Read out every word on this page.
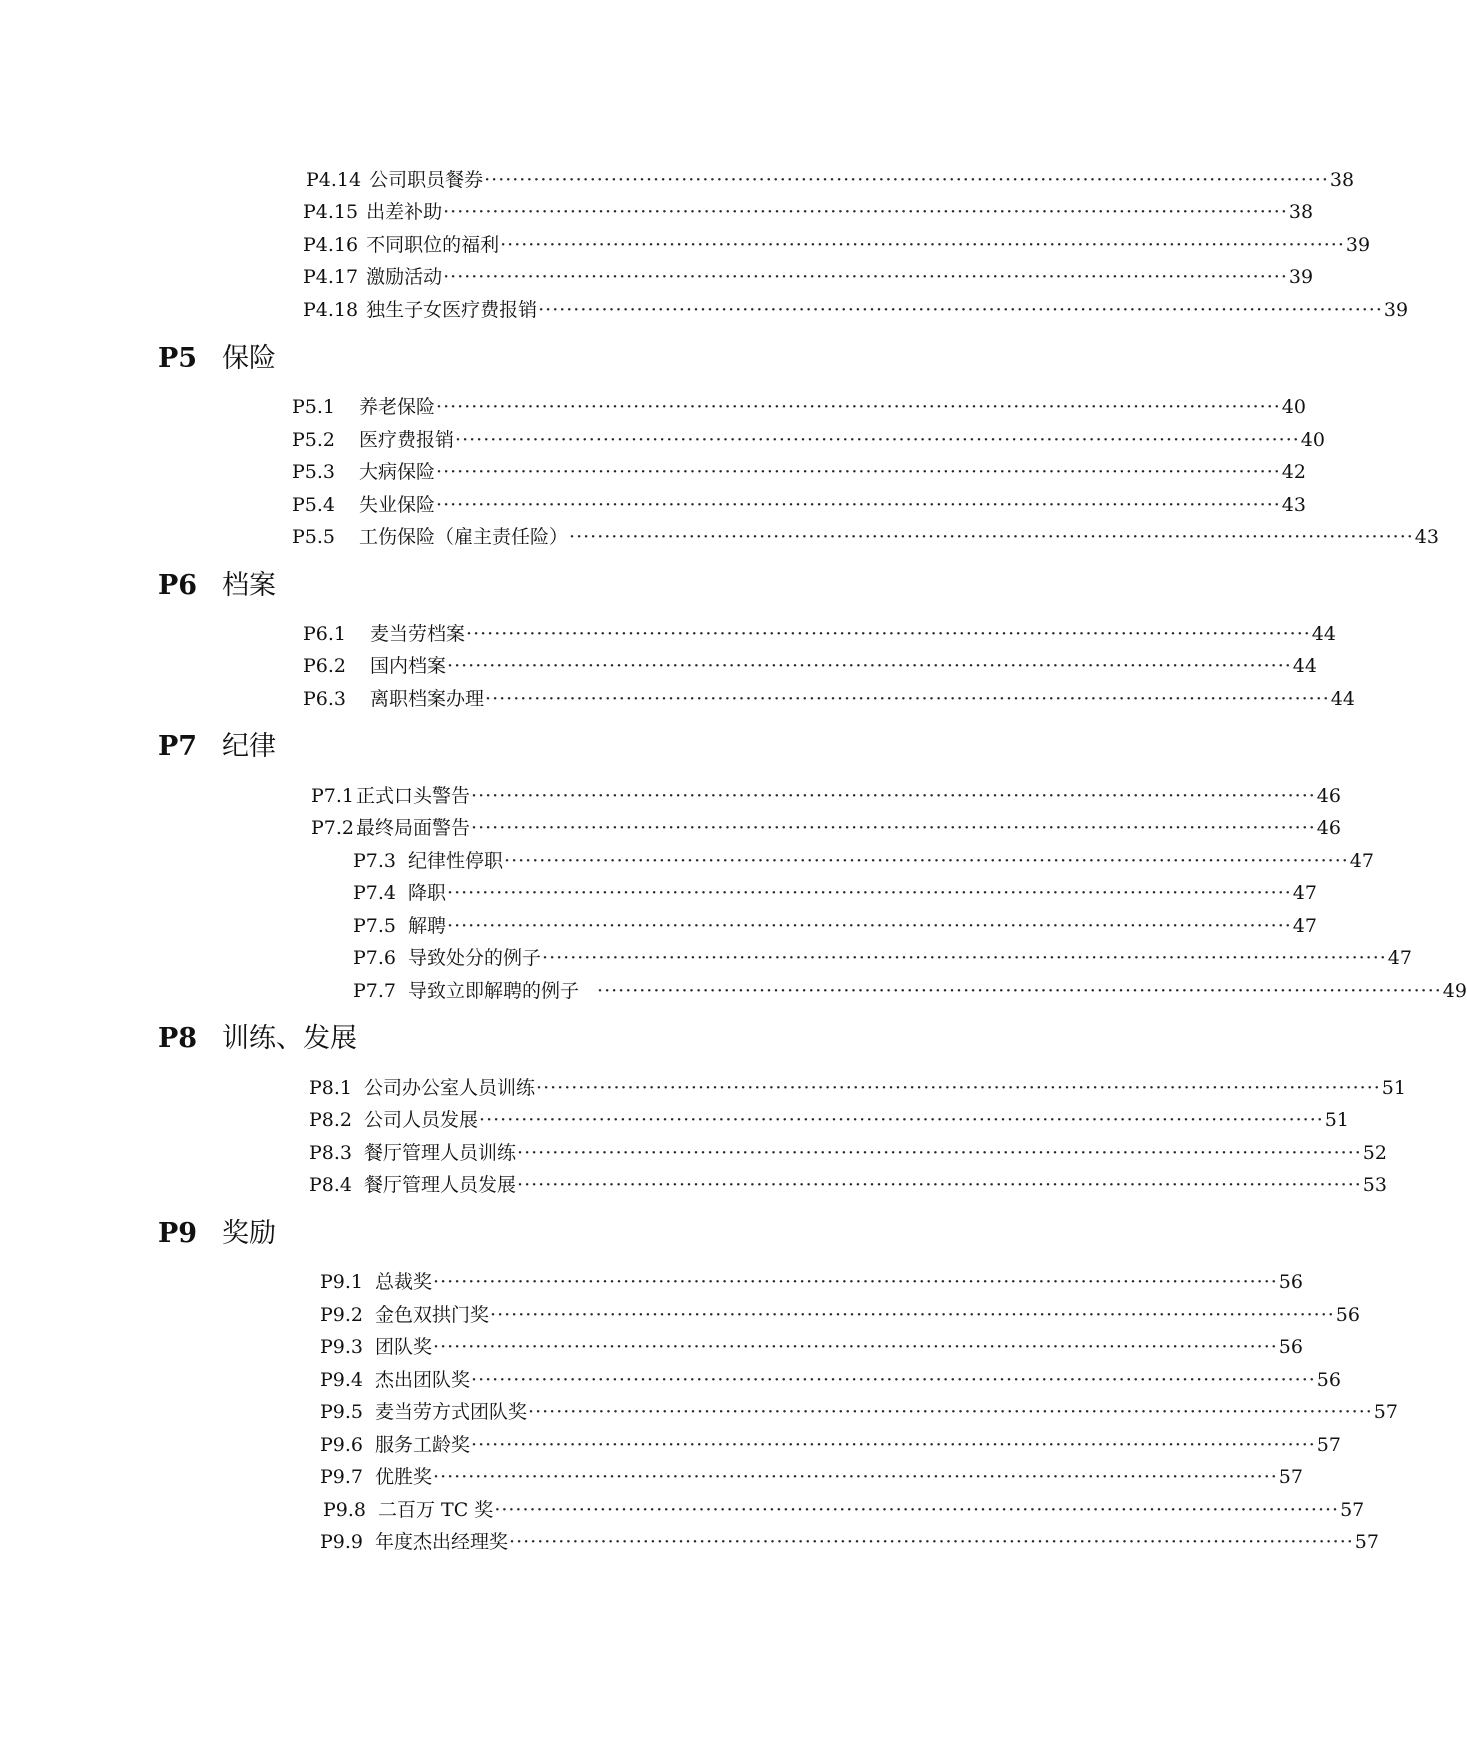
P4.14 公司职员餐券 ························································································································ 38
P4.15 出差补助 ························································································································ 38
P4.16 不同职位的福利 ························································································································ 39
P4.17 激励活动 ························································································································ 39
P4.18 独生子女医疗费报销 ························································································································ 39
P5 保险
P5.1	养老保险 ························································································································ 40
P5.2	医疗费报销 ························································································································ 40
P5.3	大病保险 ························································································································ 42
P5.4	失业保险 ························································································································ 43
P5.5	工伤保险（雇主责任险） ························································································································ 43
P6 档案
P6.1	麦当劳档案 ························································································································ 44
P6.2	国内档案 ························································································································ 44
P6.3	离职档案办理 ························································································································ 44
P7 纪律
P7.1 正式口头警告 ························································································································ 46
P7.2 最终局面警告 ························································································································ 46
P7.3 纪律性停职 ························································································································ 47
P7.4 降职 ························································································································ 47
P7.5 解聘 ························································································································ 47
P7.6 导致处分的例子 ························································································································ 47
P7.7 导致立即解聘的例子 ························································································································ 49
P8 训练、发展
P8.1 公司办公室人员训练 ························································································································ 51
P8.2 公司人员发展 ························································································································ 51
P8.3 餐厅管理人员训练 ························································································································ 52
P8.4 餐厅管理人员发展 ························································································································ 53
P9 奖励
P9.1 总裁奖 ························································································································ 56
P9.2 金色双拱门奖 ························································································································ 56
P9.3 团队奖 ························································································································ 56
P9.4 杰出团队奖 ························································································································ 56
P9.5 麦当劳方式团队奖 ························································································································ 57
P9.6 服务工龄奖 ························································································································ 57
P9.7 优胜奖 ························································································································ 57
P9.8 二百万 TC 奖 ························································································································ 57
P9.9 年度杰出经理奖 ························································································································ 57
